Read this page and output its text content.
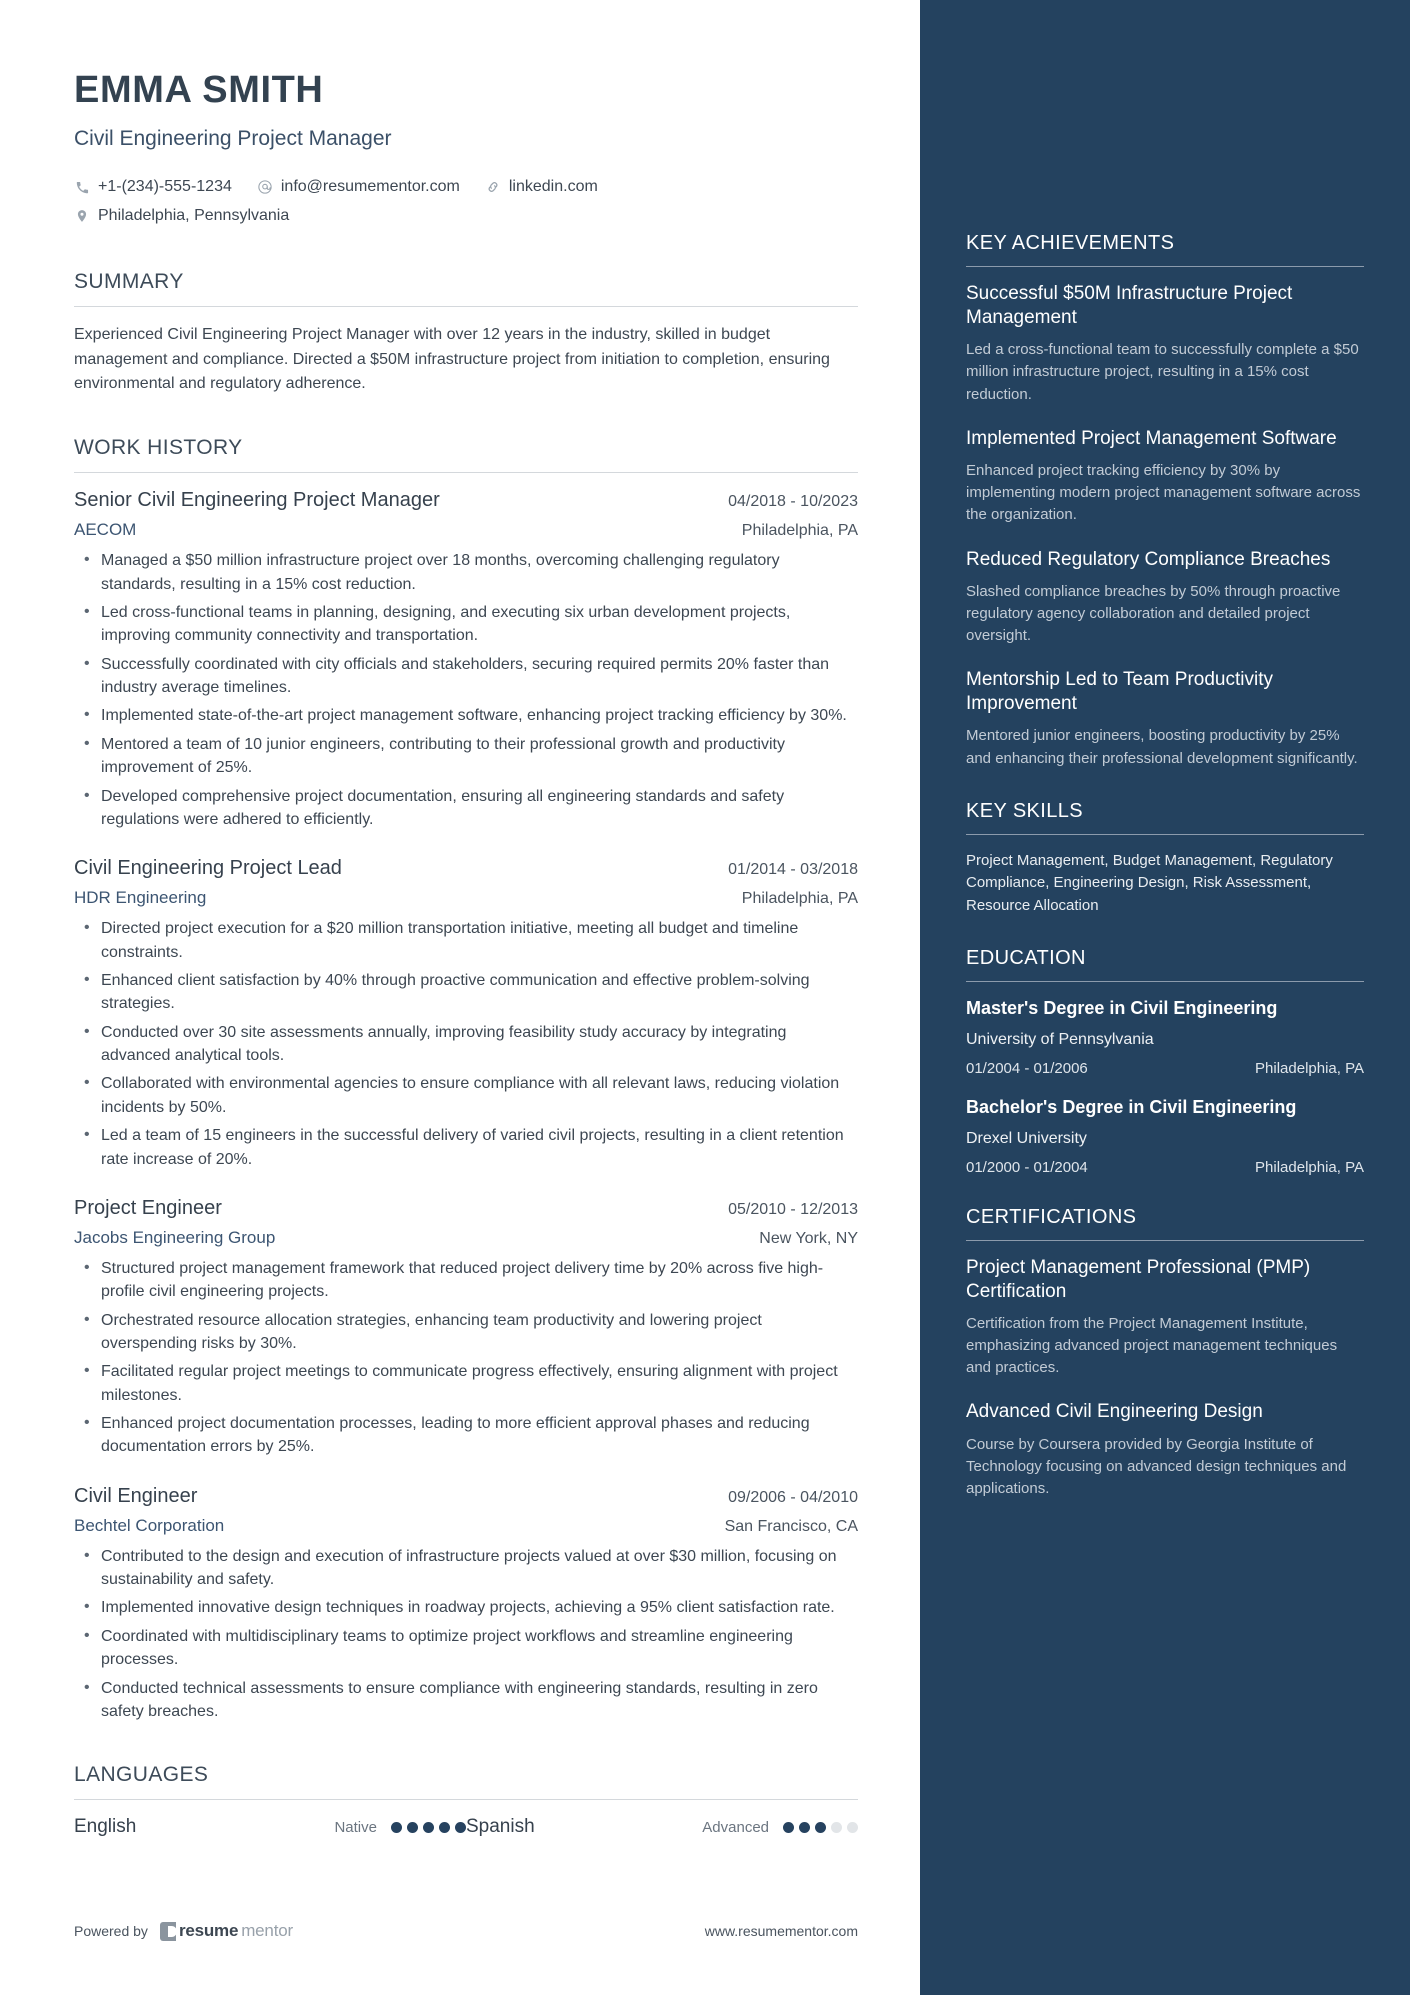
EMMA SMITH
Civil Engineering Project Manager
+1-(234)-555-1234	info@resumementor.com	linkedin.com
Philadelphia, Pennsylvania
SUMMARY
Experienced Civil Engineering Project Manager with over 12 years in the industry, skilled in budget management and compliance. Directed a $50M infrastructure project from initiation to completion, ensuring environmental and regulatory adherence.
WORK HISTORY
Senior Civil Engineering Project Manager	04/2018 - 10/2023
AECOM	Philadelphia, PA
• Managed a $50 million infrastructure project over 18 months, overcoming challenging regulatory standards, resulting in a 15% cost reduction.
• Led cross-functional teams in planning, designing, and executing six urban development projects, improving community connectivity and transportation.
• Successfully coordinated with city officials and stakeholders, securing required permits 20% faster than industry average timelines.
• Implemented state-of-the-art project management software, enhancing project tracking efficiency by 30%.
• Mentored a team of 10 junior engineers, contributing to their professional growth and productivity improvement of 25%.
• Developed comprehensive project documentation, ensuring all engineering standards and safety regulations were adhered to efficiently.
Civil Engineering Project Lead	01/2014 - 03/2018
HDR Engineering	Philadelphia, PA
• Directed project execution for a $20 million transportation initiative, meeting all budget and timeline constraints.
• Enhanced client satisfaction by 40% through proactive communication and effective problem-solving strategies.
• Conducted over 30 site assessments annually, improving feasibility study accuracy by integrating advanced analytical tools.
• Collaborated with environmental agencies to ensure compliance with all relevant laws, reducing violation incidents by 50%.
• Led a team of 15 engineers in the successful delivery of varied civil projects, resulting in a client retention rate increase of 20%.
Project Engineer	05/2010 - 12/2013
Jacobs Engineering Group	New York, NY
• Structured project management framework that reduced project delivery time by 20% across five high-profile civil engineering projects.
• Orchestrated resource allocation strategies, enhancing team productivity and lowering project overspending risks by 30%.
• Facilitated regular project meetings to communicate progress effectively, ensuring alignment with project milestones.
• Enhanced project documentation processes, leading to more efficient approval phases and reducing documentation errors by 25%.
Civil Engineer	09/2006 - 04/2010
Bechtel Corporation	San Francisco, CA
• Contributed to the design and execution of infrastructure projects valued at over $30 million, focusing on sustainability and safety.
• Implemented innovative design techniques in roadway projects, achieving a 95% client satisfaction rate.
• Coordinated with multidisciplinary teams to optimize project workflows and streamline engineering processes.
• Conducted technical assessments to ensure compliance with engineering standards, resulting in zero safety breaches.
LANGUAGES
English	Native	Spanish	Advanced
Powered by resume mentor	www.resumementor.com
KEY ACHIEVEMENTS
Successful $50M Infrastructure Project Management
Led a cross-functional team to successfully complete a $50 million infrastructure project, resulting in a 15% cost reduction.
Implemented Project Management Software
Enhanced project tracking efficiency by 30% by implementing modern project management software across the organization.
Reduced Regulatory Compliance Breaches
Slashed compliance breaches by 50% through proactive regulatory agency collaboration and detailed project oversight.
Mentorship Led to Team Productivity Improvement
Mentored junior engineers, boosting productivity by 25% and enhancing their professional development significantly.
KEY SKILLS
Project Management, Budget Management, Regulatory Compliance, Engineering Design, Risk Assessment, Resource Allocation
EDUCATION
Master's Degree in Civil Engineering
University of Pennsylvania
01/2004 - 01/2006	Philadelphia, PA
Bachelor's Degree in Civil Engineering
Drexel University
01/2000 - 01/2004	Philadelphia, PA
CERTIFICATIONS
Project Management Professional (PMP) Certification
Certification from the Project Management Institute, emphasizing advanced project management techniques and practices.
Advanced Civil Engineering Design
Course by Coursera provided by Georgia Institute of Technology focusing on advanced design techniques and applications.
